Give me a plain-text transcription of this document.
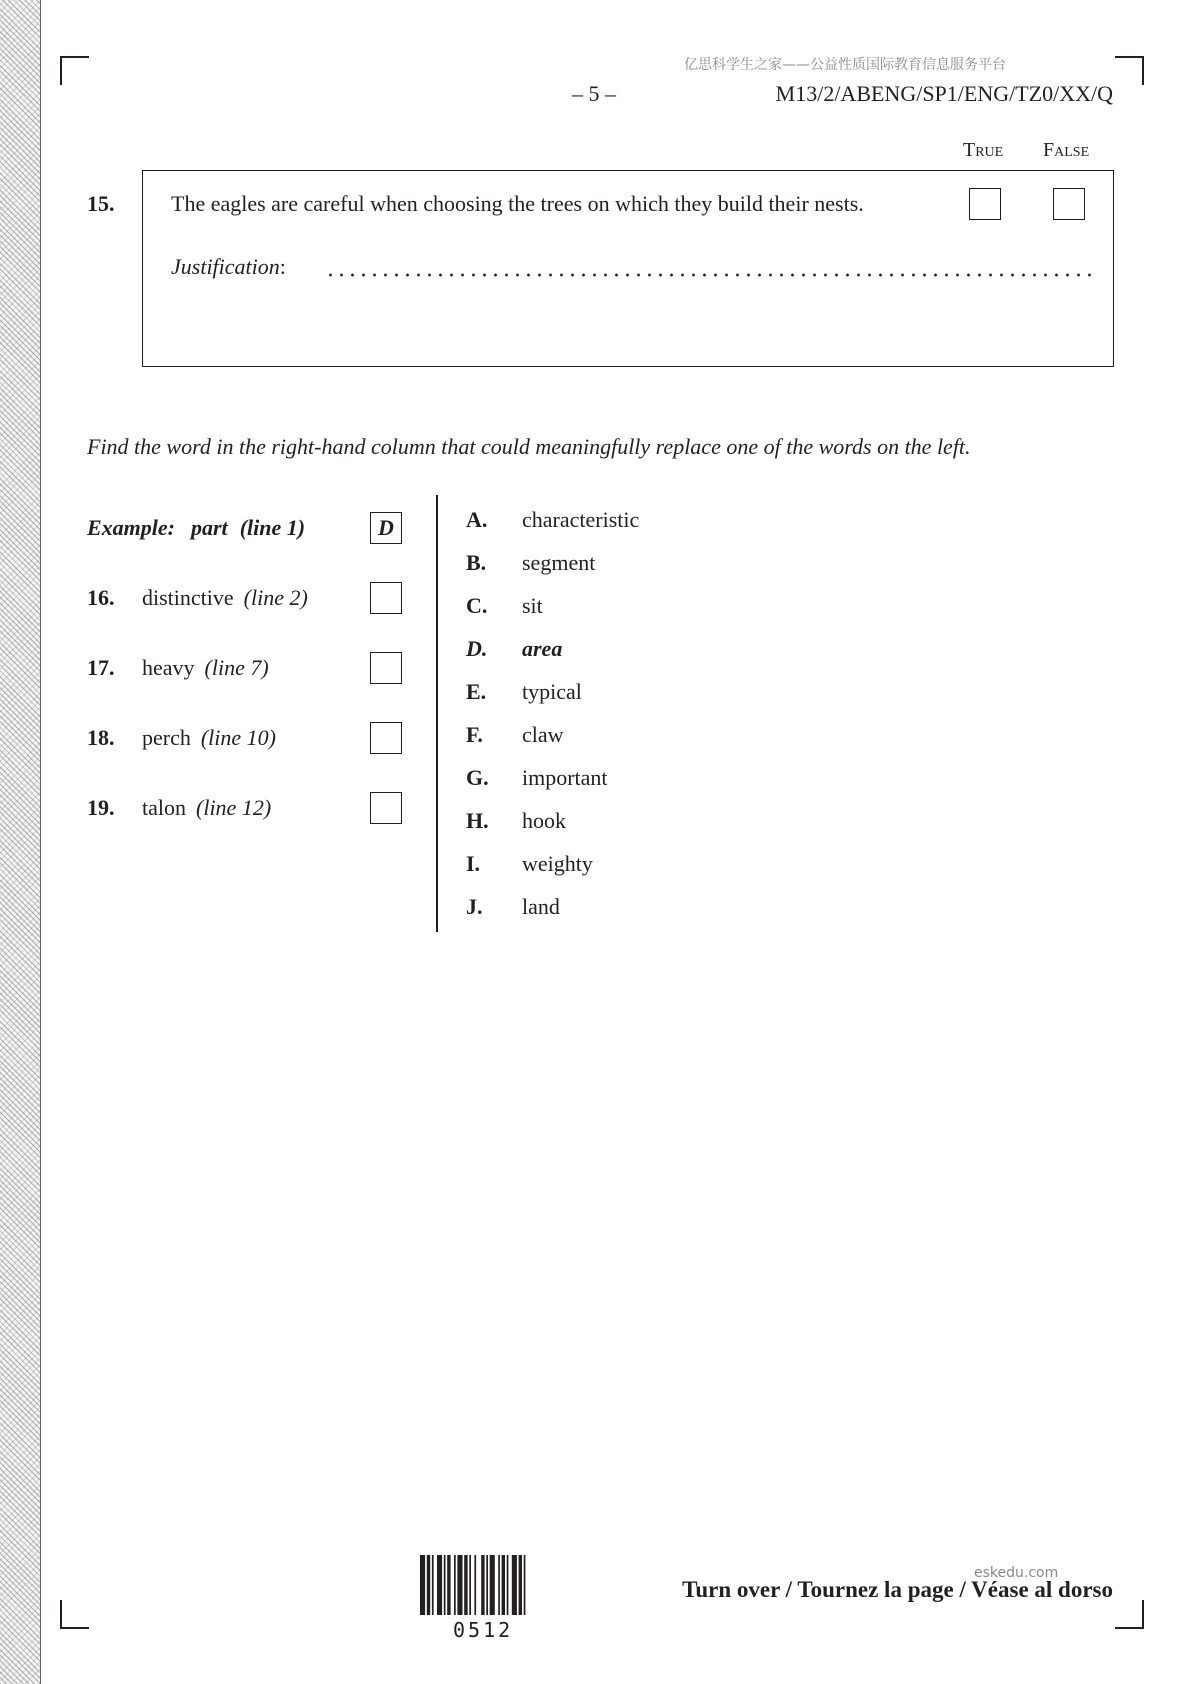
亿思科学生之家——公益性质国际教育信息服务平台
– 5 –	M13/2/ABENG/SP1/ENG/TZ0/XX/Q
True False
15.	The eagles are careful when choosing the trees on which they build their nests.
Justification:
Find the word in the right-hand column that could meaningfully replace one of the words on the left.
Example: part (line 1)	D
16. distinctive (line 2)
17. heavy (line 7)
18. perch (line 10)
19. talon (line 12)
A. characteristic
B. segment
C. sit
D. area
E. typical
F. claw
G. important
H. hook
I. weighty
J. land
0512
Turn over / Tournez la page / Véase al dorso
eskedu.com
